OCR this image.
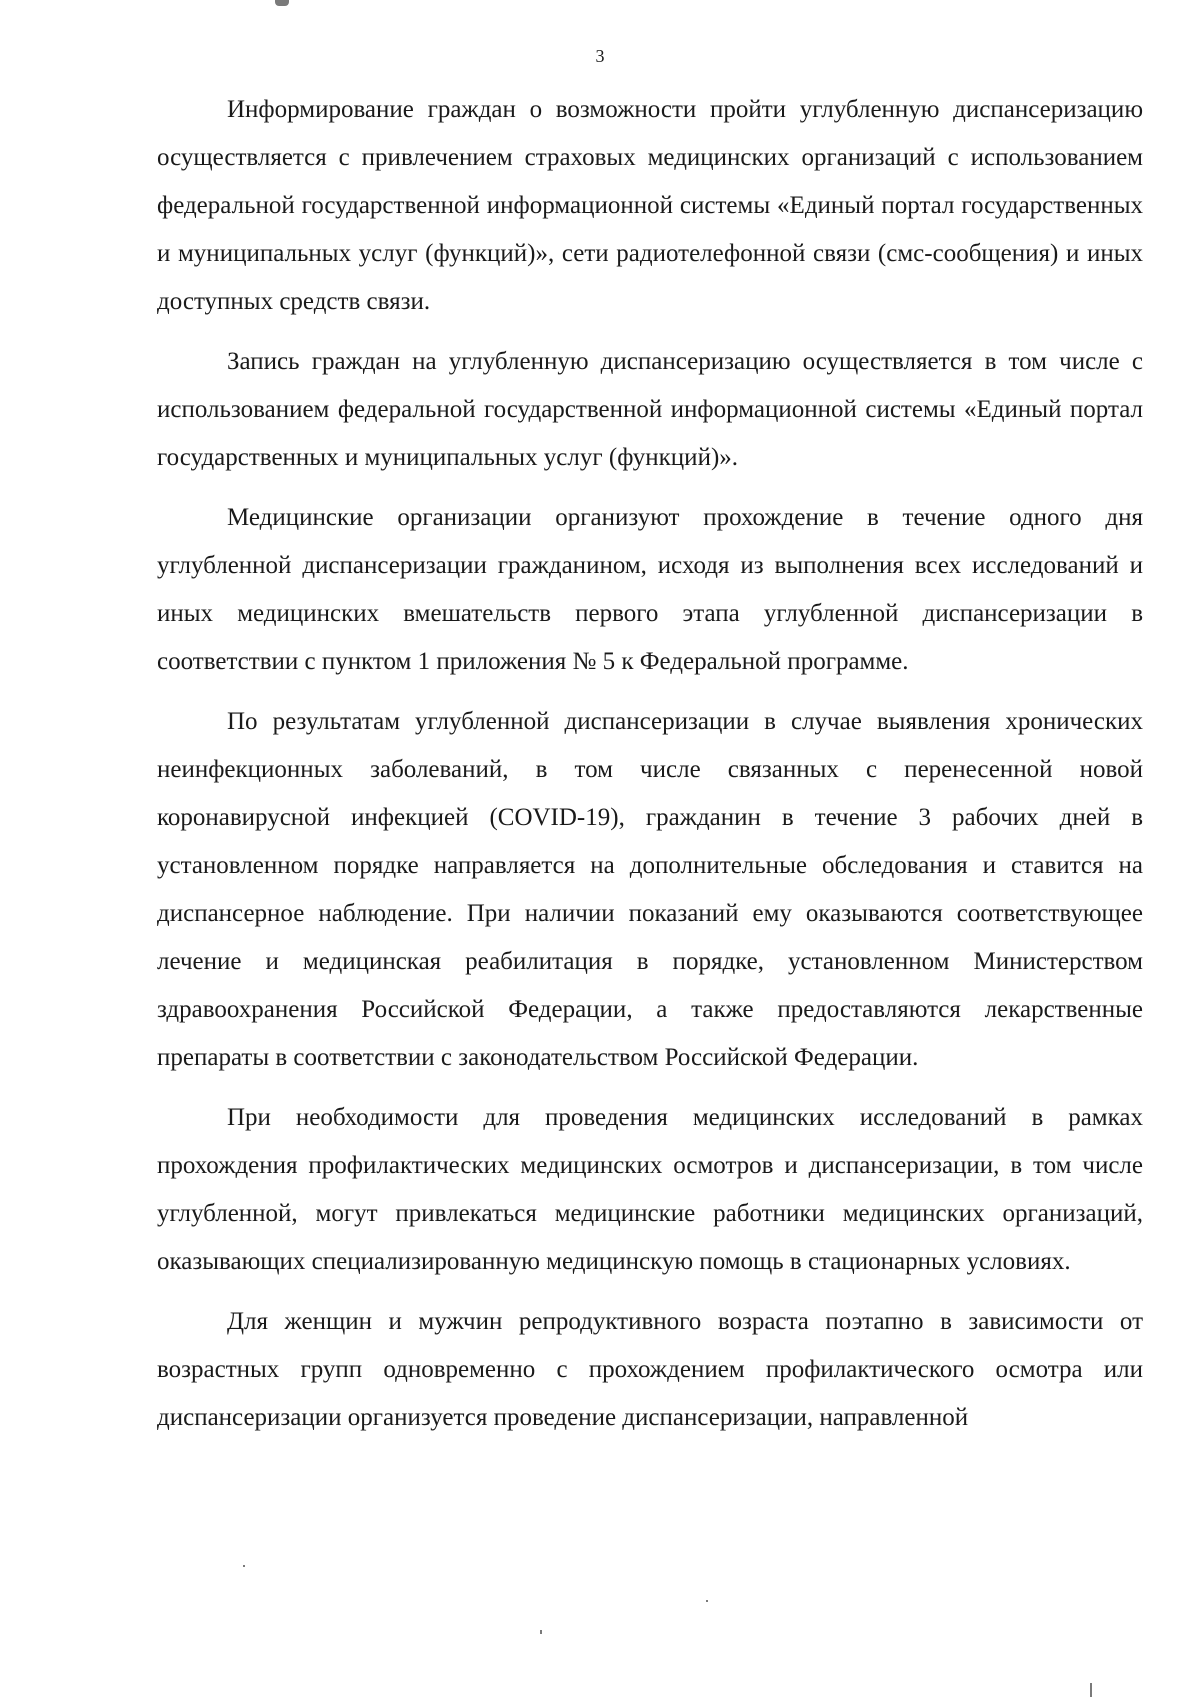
3

Информирование граждан о возможности пройти углубленную диспансеризацию осуществляется с привлечением страховых медицинских организаций с использованием федеральной государственной информационной системы «Единый портал государственных и муниципальных услуг (функций)», сети радиотелефонной связи (смс-сообщения) и иных доступных средств связи.

Запись граждан на углубленную диспансеризацию осуществляется в том числе с использованием федеральной государственной информационной системы «Единый портал государственных и муниципальных услуг (функций)».

Медицинские организации организуют прохождение в течение одного дня углубленной диспансеризации гражданином, исходя из выполнения всех исследований и иных медицинских вмешательств первого этапа углубленной диспансеризации в соответствии с пунктом 1 приложения № 5 к Федеральной программе.

По результатам углубленной диспансеризации в случае выявления хронических неинфекционных заболеваний, в том числе связанных с перенесенной новой коронавирусной инфекцией (COVID-19), гражданин в течение 3 рабочих дней в установленном порядке направляется на дополнительные обследования и ставится на диспансерное наблюдение. При наличии показаний ему оказываются соответствующее лечение и медицинская реабилитация в порядке, установленном Министерством здравоохранения Российской Федерации, а также предоставляются лекарственные препараты в соответствии с законодательством Российской Федерации.

При необходимости для проведения медицинских исследований в рамках прохождения профилактических медицинских осмотров и диспансеризации, в том числе углубленной, могут привлекаться медицинские работники медицинских организаций, оказывающих специализированную медицинскую помощь в стационарных условиях.

Для женщин и мужчин репродуктивного возраста поэтапно в зависимости от возрастных групп одновременно с прохождением профилактического осмотра или диспансеризации организуется проведение диспансеризации, направленной
